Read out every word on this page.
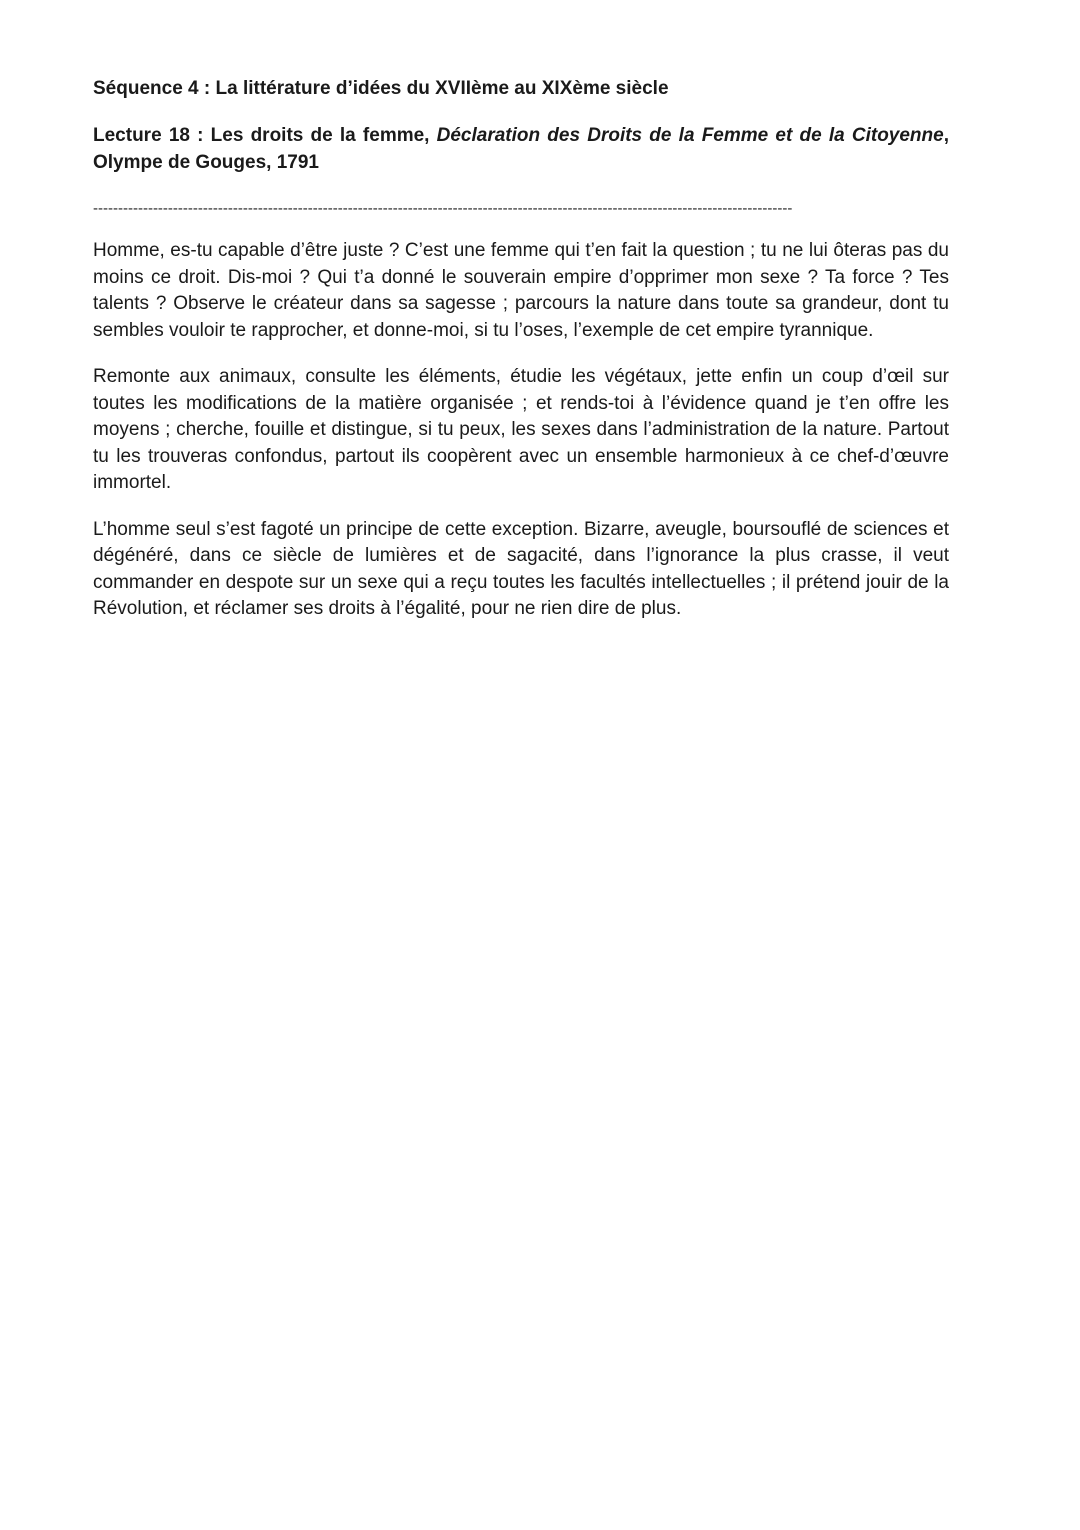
Séquence 4 : La littérature d’idées du XVIIème au XIXème siècle

Lecture 18 : Les droits de la femme, Déclaration des Droits de la Femme et de la Citoyenne, Olympe de Gouges, 1791

--------------------------------------------------------------------------------------------------------------------------------------------

Homme, es-tu capable d’être juste ? C’est une femme qui t’en fait la question ; tu ne lui ôteras pas du moins ce droit. Dis-moi ? Qui t’a donné le souverain empire d’opprimer mon sexe ? Ta force ? Tes talents ? Observe le créateur dans sa sagesse ; parcours la nature dans toute sa grandeur, dont tu sembles vouloir te rapprocher, et donne-moi, si tu l’oses, l’exemple de cet empire tyrannique.

Remonte aux animaux, consulte les éléments, étudie les végétaux, jette enfin un coup d’œil sur toutes les modifications de la matière organisée ; et rends-toi à l’évidence quand je t’en offre les moyens ; cherche, fouille et distingue, si tu peux, les sexes dans l’administration de la nature. Partout tu les trouveras confondus, partout ils coopèrent avec un ensemble harmonieux à ce chef-d’œuvre immortel.

L’homme seul s’est fagoté un principe de cette exception. Bizarre, aveugle, boursouflé de sciences et dégénéré, dans ce siècle de lumières et de sagacité, dans l’ignorance la plus crasse, il veut commander en despote sur un sexe qui a reçu toutes les facultés intellectuelles ; il prétend jouir de la Révolution, et réclamer ses droits à l’égalité, pour ne rien dire de plus.
